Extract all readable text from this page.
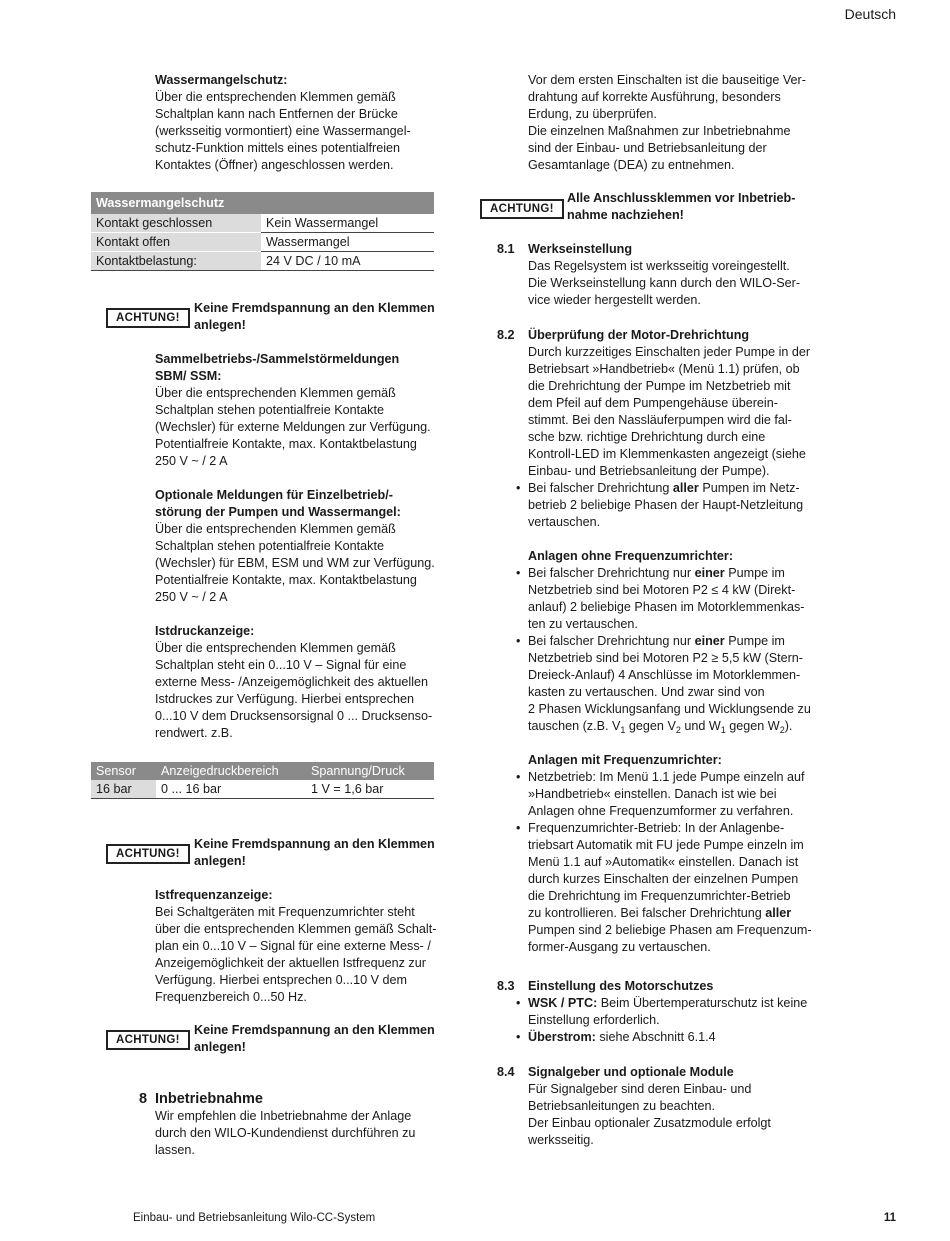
Deutsch

Wassermangelschutz:

Über die entsprechenden Klemmen gemäß

Schaltplan kann nach Entfernen der Brücke

(werksseitig vormontiert) eine Wassermangel-

schutz-Funktion mittels eines potentialfreien

Kontaktes (Öffner) angeschlossen werden.

Wassermangelschutz	
Kontakt geschlossen	Kein Wassermangel
Kontakt offen	Wassermangel
Kontaktbelastung:	24 V DC / 10 mA
ACHTUNG!

Keine Fremdspannung an den Klemmen

anlegen!

Sammelbetriebs-/Sammelstörmeldungen

SBM/ SSM:

Über die entsprechenden Klemmen gemäß

Schaltplan stehen potentialfreie Kontakte

(Wechsler) für externe Meldungen zur Verfügung.

Potentialfreie Kontakte, max. Kontaktbelastung

250 V ~ / 2 A

Optionale Meldungen für Einzelbetrieb/-

störung der Pumpen und Wassermangel:

Über die entsprechenden Klemmen gemäß

Schaltplan stehen potentialfreie Kontakte

(Wechsler) für EBM, ESM und WM zur Verfügung.

Potentialfreie Kontakte, max. Kontaktbelastung

250 V ~ / 2 A

Istdruckanzeige:

Über die entsprechenden Klemmen gemäß

Schaltplan steht ein 0...10 V – Signal für eine

externe Mess- /Anzeigemöglichkeit des aktuellen

Istdruckes zur Verfügung. Hierbei entsprechen

0...10 V dem Drucksensorsignal 0 ... Drucksenso-

rendwert. z.B.

Sensor	Anzeigedruckbereich	Spannung/Druck
16 bar	0 ... 16 bar	1 V = 1,6 bar
ACHTUNG!

Keine Fremdspannung an den Klemmen

anlegen!

Istfrequenzanzeige:

Bei Schaltgeräten mit Frequenzumrichter steht

über die entsprechenden Klemmen gemäß Schalt-

plan ein 0...10 V – Signal für eine externe Mess- /

Anzeigemöglichkeit der aktuellen Istfrequenz zur

Verfügung. Hierbei entsprechen 0...10 V dem

Frequenzbereich 0...50 Hz.

ACHTUNG!

Keine Fremdspannung an den Klemmen

anlegen!

8 Inbetriebnahme

Wir empfehlen die Inbetriebnahme der Anlage

durch den WILO-Kundendienst durchführen zu

lassen.

Vor dem ersten Einschalten ist die bauseitige Ver-

drahtung auf korrekte Ausführung, besonders

Erdung, zu überprüfen.

Die einzelnen Maßnahmen zur Inbetriebnahme

sind der Einbau- und Betriebsanleitung der

Gesamtanlage (DEA) zu entnehmen.

ACHTUNG!

Alle Anschlussklemmen vor Inbetrieb-

nahme nachziehen!

8.1 Werkseinstellung

Das Regelsystem ist werksseitig voreingestellt.

Die Werkseinstellung kann durch den WILO-Ser-

vice wieder hergestellt werden.

8.2 Überprüfung der Motor-Drehrichtung

Durch kurzzeitiges Einschalten jeder Pumpe in der

Betriebsart »Handbetrieb« (Menü 1.1) prüfen, ob

die Drehrichtung der Pumpe im Netzbetrieb mit

dem Pfeil auf dem Pumpengehäuse überein-

stimmt. Bei den Nassläuferpumpen wird die fal-

sche bzw. richtige Drehrichtung durch eine

Kontroll-LED im Klemmenkasten angezeigt (siehe

Einbau- und Betriebsanleitung der Pumpe).

• Bei falscher Drehrichtung aller Pumpen im Netz-
betrieb 2 beliebige Phasen der Haupt-Netzleitung
vertauschen.

Anlagen ohne Frequenzumrichter:

• Bei falscher Drehrichtung nur einer Pumpe im
Netzbetrieb sind bei Motoren P2 ≤ 4 kW (Direkt-
anlauf) 2 beliebige Phasen im Motorklemmenkas-
ten zu vertauschen.
• Bei falscher Drehrichtung nur einer Pumpe im
Netzbetrieb sind bei Motoren P2 ≥ 5,5 kW (Stern-
Dreieck-Anlauf) 4 Anschlüsse im Motorklemmen-
kasten zu vertauschen. Und zwar sind von
2 Phasen Wicklungsanfang und Wicklungsende zu
tauschen (z.B. $V_1$ gegen $V_2$ und $W_1$ gegen $W_2$).

Anlagen mit Frequenzumrichter:

• Netzbetrieb: Im Menü 1.1 jede Pumpe einzeln auf
»Handbetrieb« einstellen. Danach ist wie bei
Anlagen ohne Frequenzumformer zu verfahren.
• Frequenzumrichter-Betrieb: In der Anlagenbe-
triebsart Automatik mit FU jede Pumpe einzeln im
Menü 1.1 auf »Automatik« einstellen. Danach ist
durch kurzes Einschalten der einzelnen Pumpen
die Drehrichtung im Frequenzumrichter-Betrieb
zu kontrollieren. Bei falscher Drehrichtung aller
Pumpen sind 2 beliebige Phasen am Frequenzum-
former-Ausgang zu vertauschen.
8.3 Einstellung des Motorschutzes

• WSK / PTC: Beim Übertemperaturschutz ist keine
Einstellung erforderlich.
• Überstrom: siehe Abschnitt 6.1.4
8.4 Signalgeber und optionale Module

Für Signalgeber sind deren Einbau- und

Betriebsanleitungen zu beachten.

Der Einbau optionaler Zusatzmodule erfolgt

werksseitig.

Einbau- und Betriebsanleitung Wilo-CC-System	11
